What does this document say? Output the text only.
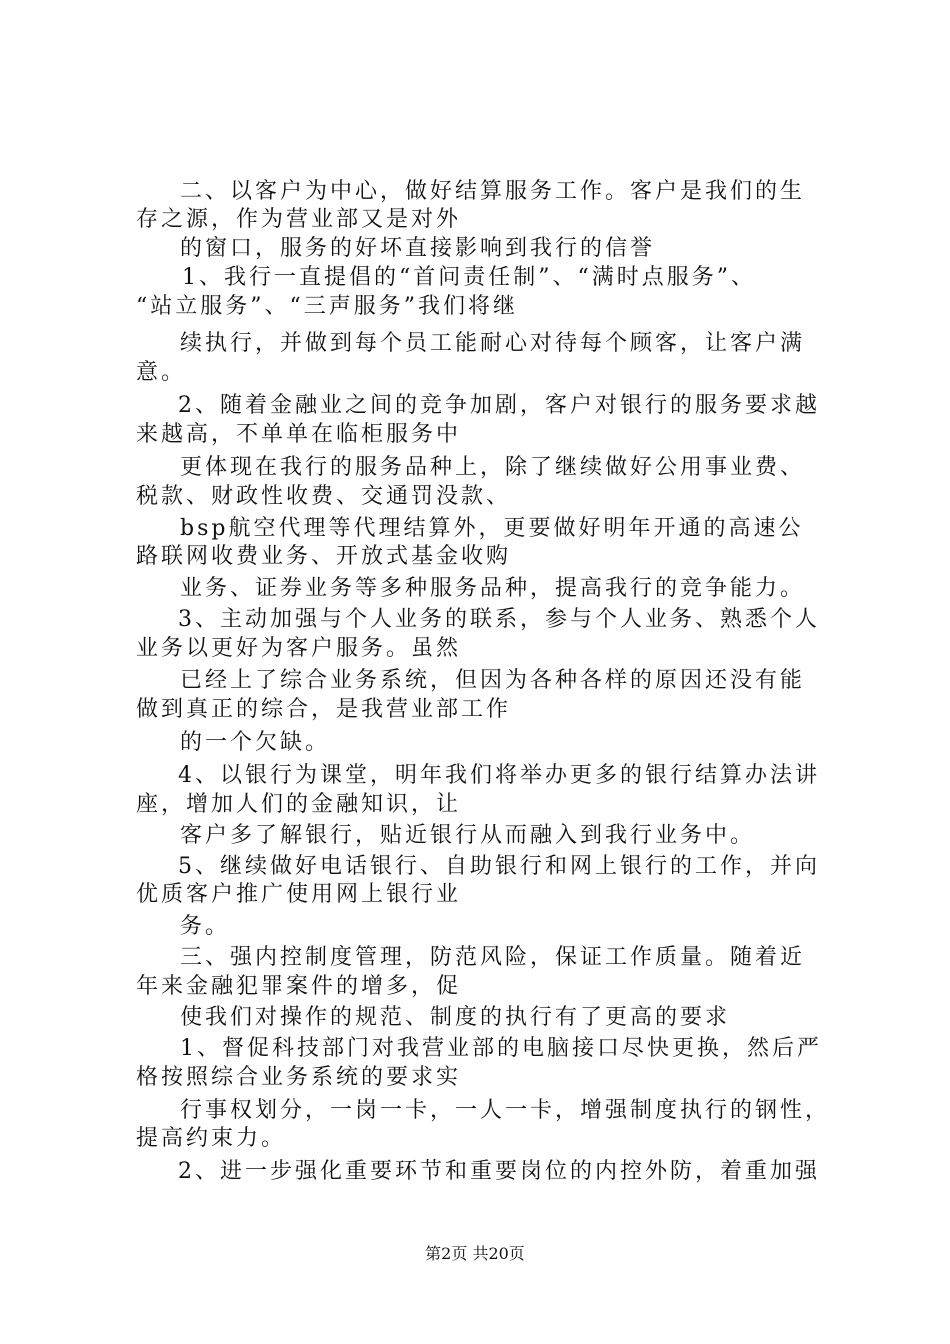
二、以客户为中心，做好结算服务工作。客户是我们的生
存之源，作为营业部又是对外
的窗口，服务的好坏直接影响到我行的信誉
1、我行一直提倡的“首问责任制”、“满时点服务”、
“站立服务”、“三声服务”我们将继
续执行，并做到每个员工能耐心对待每个顾客，让客户满
意。
2、随着金融业之间的竞争加剧，客户对银行的服务要求越
来越高，不单单在临柜服务中
更体现在我行的服务品种上，除了继续做好公用事业费、
税款、财政性收费、交通罚没款、
bsp航空代理等代理结算外，更要做好明年开通的高速公
路联网收费业务、开放式基金收购
业务、证券业务等多种服务品种，提高我行的竞争能力。
3、主动加强与个人业务的联系，参与个人业务、熟悉个人
业务以更好为客户服务。虽然
已经上了综合业务系统，但因为各种各样的原因还没有能
做到真正的综合，是我营业部工作
的一个欠缺。
4、以银行为课堂，明年我们将举办更多的银行结算办法讲
座，增加人们的金融知识，让
客户多了解银行，贴近银行从而融入到我行业务中。
5、继续做好电话银行、自助银行和网上银行的工作，并向
优质客户推广使用网上银行业
务。
三、强内控制度管理，防范风险，保证工作质量。随着近
年来金融犯罪案件的增多，促
使我们对操作的规范、制度的执行有了更高的要求
1、督促科技部门对我营业部的电脑接口尽快更换，然后严
格按照综合业务系统的要求实
行事权划分，一岗一卡，一人一卡，增强制度执行的钢性，
提高约束力。
2、进一步强化重要环节和重要岗位的内控外防，着重加强
第2页 共20页
